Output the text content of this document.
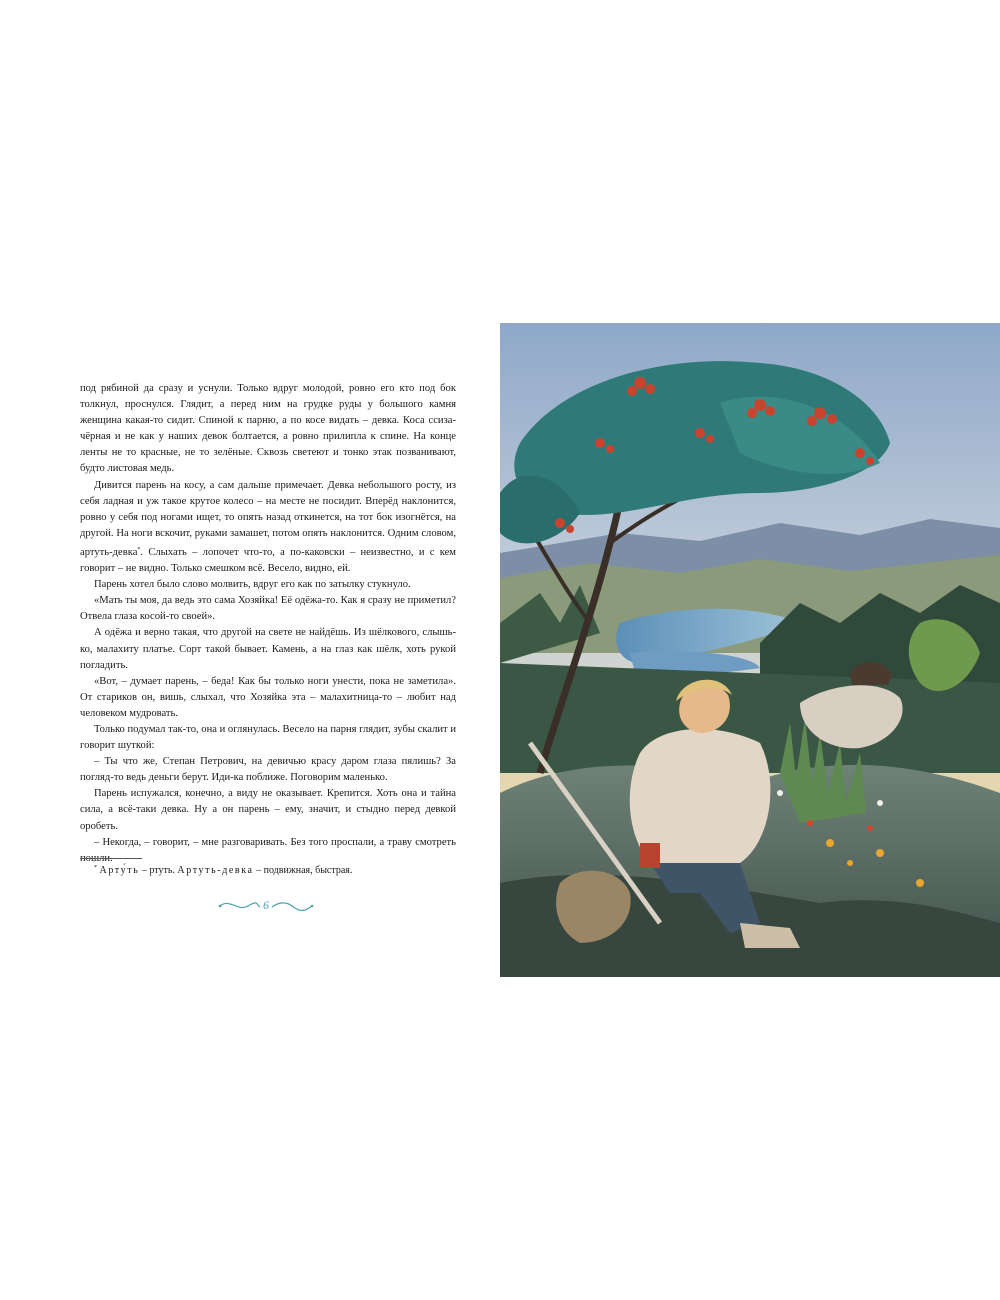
под рябиной да сразу и уснули. Только вдруг молодой, ровно его кто под бок толкнул, проснулся. Глядит, а перед ним на грудке руды у большого камня женщина какая-то сидит. Спиной к парню, а по косе видать – девка. Коса ссиза-чёрная и не как у наших девок болтается, а ровно прилипла к спине. На конце ленты не то красные, не то зелёные. Сквозь светеют и тонко этак позванивают, будто листовая медь.

Дивится парень на косу, а сам дальше примечает. Девка небольшого росту, из себя ладная и уж такое крутое колесо – на месте не посидит. Вперёд наклонится, ровно у себя под ногами ищет, то опять назад откинется, на тот бок изогнётся, на другой. На ноги вскочит, руками замашет, потом опять наклонится. Одним словом, артуть-девка*. Слыхать – лопочет что-то, а по-каковски – неизвестно, и с кем говорит – не видно. Только смешком всё. Весело, видно, ей.

Парень хотел было слово молвить, вдруг его как по затылку стукнуло.

«Мать ты моя, да ведь это сама Хозяйка! Её одёжа-то. Как я сразу не приметил? Отвела глаза косой-то своей».

А одёжа и верно такая, что другой на свете не найдёшь. Из шёлкового, слышь-ко, малахиту платье. Сорт такой бывает. Камень, а на глаз как шёлк, хоть рукой погладить.

«Вот, – думает парень, – беда! Как бы только ноги унести, пока не заметила». От стариков он, вишь, слыхал, что Хозяйка эта – малахитница-то – любит над человеком мудровать.

Только подумал так-то, она и оглянулась. Весело на парня глядит, зубы скалит и говорит шуткой:

– Ты что же, Степан Петрович, на девичью красу даром глаза пялишь? За погляд-то ведь деньги берут. Иди-ка поближе. Поговорим маленько.

Парень испужался, конечно, а виду не оказывает. Крепится. Хоть она и тайна сила, а всё-таки девка. Ну а он парень – ему, значит, и стыдно перед девкой оробеть.

– Некогда, – говорит, – мне разговаривать. Без того проспали, а траву смотреть пошли.

* Арту́ть – ртуть. Артуть-девка – подвижная, быстрая.
6
